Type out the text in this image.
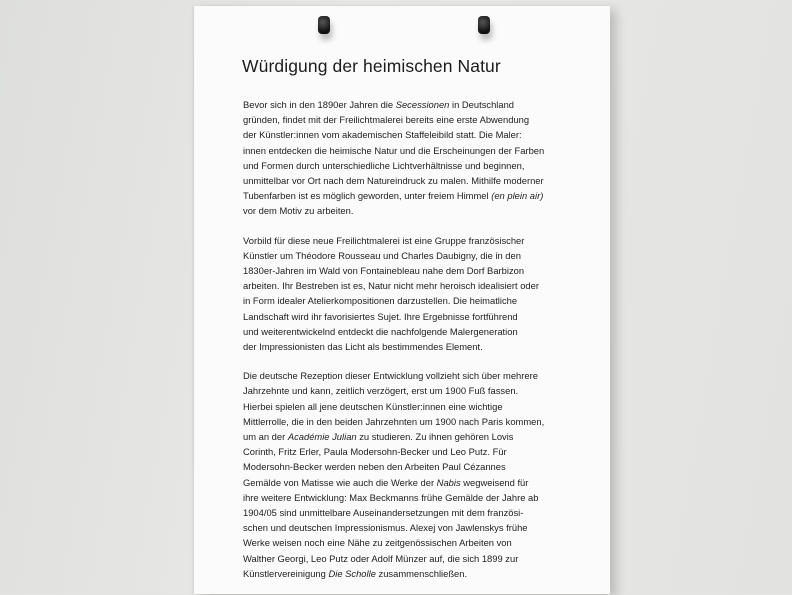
Würdigung der heimischen Natur
Bevor sich in den 1890er Jahren die Secessionen in Deutschland
gründen, findet mit der Freilichtmalerei bereits eine erste Abwendung
der Künstler:innen vom akademischen Staffeleibild statt. Die Maler:
innen entdecken die heimische Natur und die Erscheinungen der Farben
und Formen durch unterschiedliche Lichtverhältnisse und beginnen,
unmittelbar vor Ort nach dem Natureindruck zu malen. Mithilfe moderner
Tubenfarben ist es möglich geworden, unter freiem Himmel (en plein air)
vor dem Motiv zu arbeiten.
Vorbild für diese neue Freilichtmalerei ist eine Gruppe französischer
Künstler um Théodore Rousseau und Charles Daubigny, die in den
1830er-Jahren im Wald von Fontainebleau nahe dem Dorf Barbizon
arbeiten. Ihr Bestreben ist es, Natur nicht mehr heroisch idealisiert oder
in Form idealer Atelierkompositionen darzustellen. Die heimatliche
Landschaft wird ihr favorisiertes Sujet. Ihre Ergebnisse fortführend
und weiterentwickelnd entdeckt die nachfolgende Malergeneration
der Impressionisten das Licht als bestimmendes Element.
Die deutsche Rezeption dieser Entwicklung vollzieht sich über mehrere
Jahrzehnte und kann, zeitlich verzögert, erst um 1900 Fuß fassen.
Hierbei spielen all jene deutschen Künstler:innen eine wichtige
Mittlerrolle, die in den beiden Jahrzehnten um 1900 nach Paris kommen,
um an der Académie Julian zu studieren. Zu ihnen gehören Lovis
Corinth, Fritz Erler, Paula Modersohn-Becker und Leo Putz. Für
Modersohn-Becker werden neben den Arbeiten Paul Cézannes
Gemälde von Matisse wie auch die Werke der Nabis wegweisend für
ihre weitere Entwicklung: Max Beckmanns frühe Gemälde der Jahre ab
1904/05 sind unmittelbare Auseinandersetzungen mit dem französi-
schen und deutschen Impressionismus. Alexej von Jawlenskys frühe
Werke weisen noch eine Nähe zu zeitgenössischen Arbeiten von
Walther Georgi, Leo Putz oder Adolf Münzer auf, die sich 1899 zur
Künstlervereinigung Die Scholle zusammenschließen.
